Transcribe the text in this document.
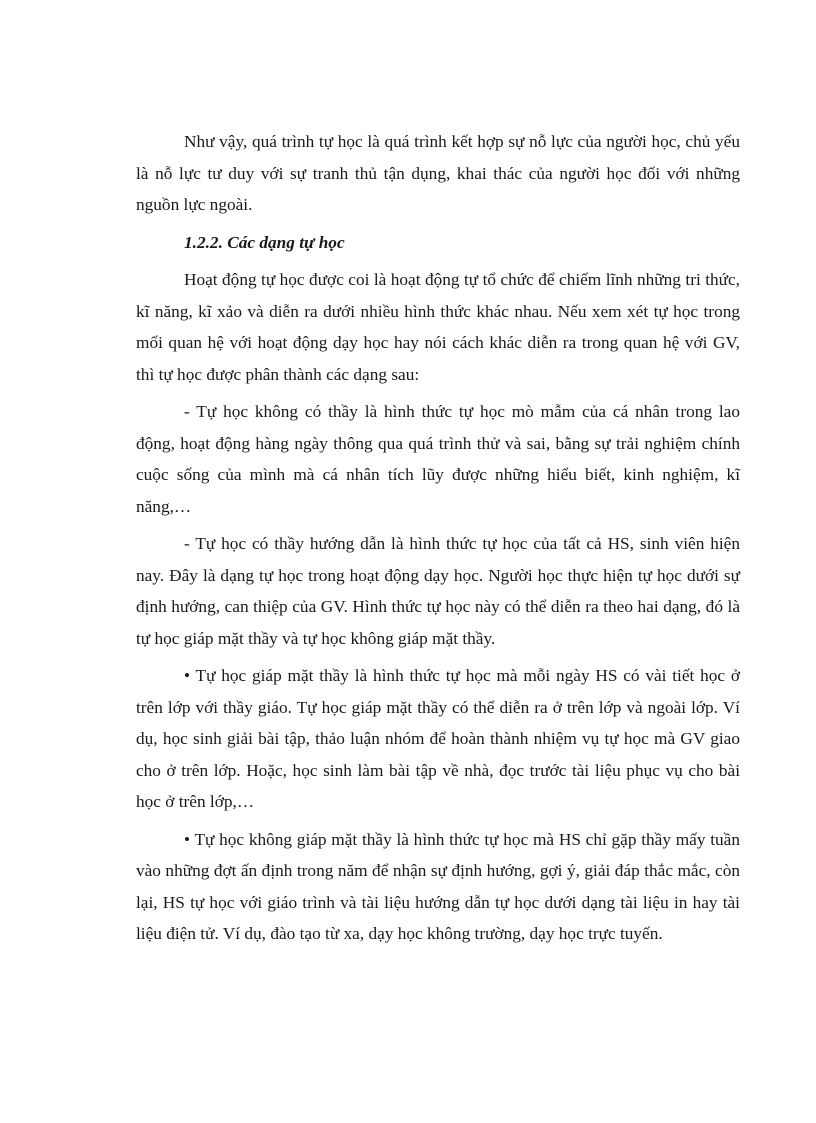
Như vậy, quá trình tự học là quá trình kết hợp sự nỗ lực của người học, chủ yếu là nỗ lực tư duy với sự tranh thủ tận dụng, khai thác của người học đối với những nguồn lực ngoài.

1.2.2. Các dạng tự học

Hoạt động tự học được coi là hoạt động tự tổ chức để chiếm lĩnh những tri thức, kĩ năng, kĩ xảo và diễn ra dưới nhiều hình thức khác nhau. Nếu xem xét tự học trong mối quan hệ với hoạt động dạy học hay nói cách khác diễn ra trong quan hệ với GV, thì tự học được phân thành các dạng sau:

- Tự học không có thầy là hình thức tự học mò mẫm của cá nhân trong lao động, hoạt động hàng ngày thông qua quá trình thử và sai, bằng sự trải nghiệm chính cuộc sống của mình mà cá nhân tích lũy được những hiểu biết, kinh nghiệm, kĩ năng,…

- Tự học có thầy hướng dẫn là hình thức tự học của tất cả HS, sinh viên hiện nay. Đây là dạng tự học trong hoạt động dạy học. Người học thực hiện tự học dưới sự định hướng, can thiệp của GV. Hình thức tự học này có thể diễn ra theo hai dạng, đó là tự học giáp mặt thầy và tự học không giáp mặt thầy.

• Tự học giáp mặt thầy là hình thức tự học mà mỗi ngày HS có vài tiết học ở trên lớp với thầy giáo. Tự học giáp mặt thầy có thể diễn ra ở trên lớp và ngoài lớp. Ví dụ, học sinh giải bài tập, thảo luận nhóm để hoàn thành nhiệm vụ tự học mà GV giao cho ở trên lớp. Hoặc, học sinh làm bài tập về nhà, đọc trước tài liệu phục vụ cho bài học ở trên lớp,…

• Tự học không giáp mặt thầy là hình thức tự học mà HS chỉ gặp thầy mấy tuần vào những đợt ấn định trong năm để nhận sự định hướng, gợi ý, giải đáp thắc mắc, còn lại, HS tự học với giáo trình và tài liệu hướng dẫn tự học dưới dạng tài liệu in hay tài liệu điện tử. Ví dụ, đào tạo từ xa, dạy học không trường, dạy học trực tuyến.
